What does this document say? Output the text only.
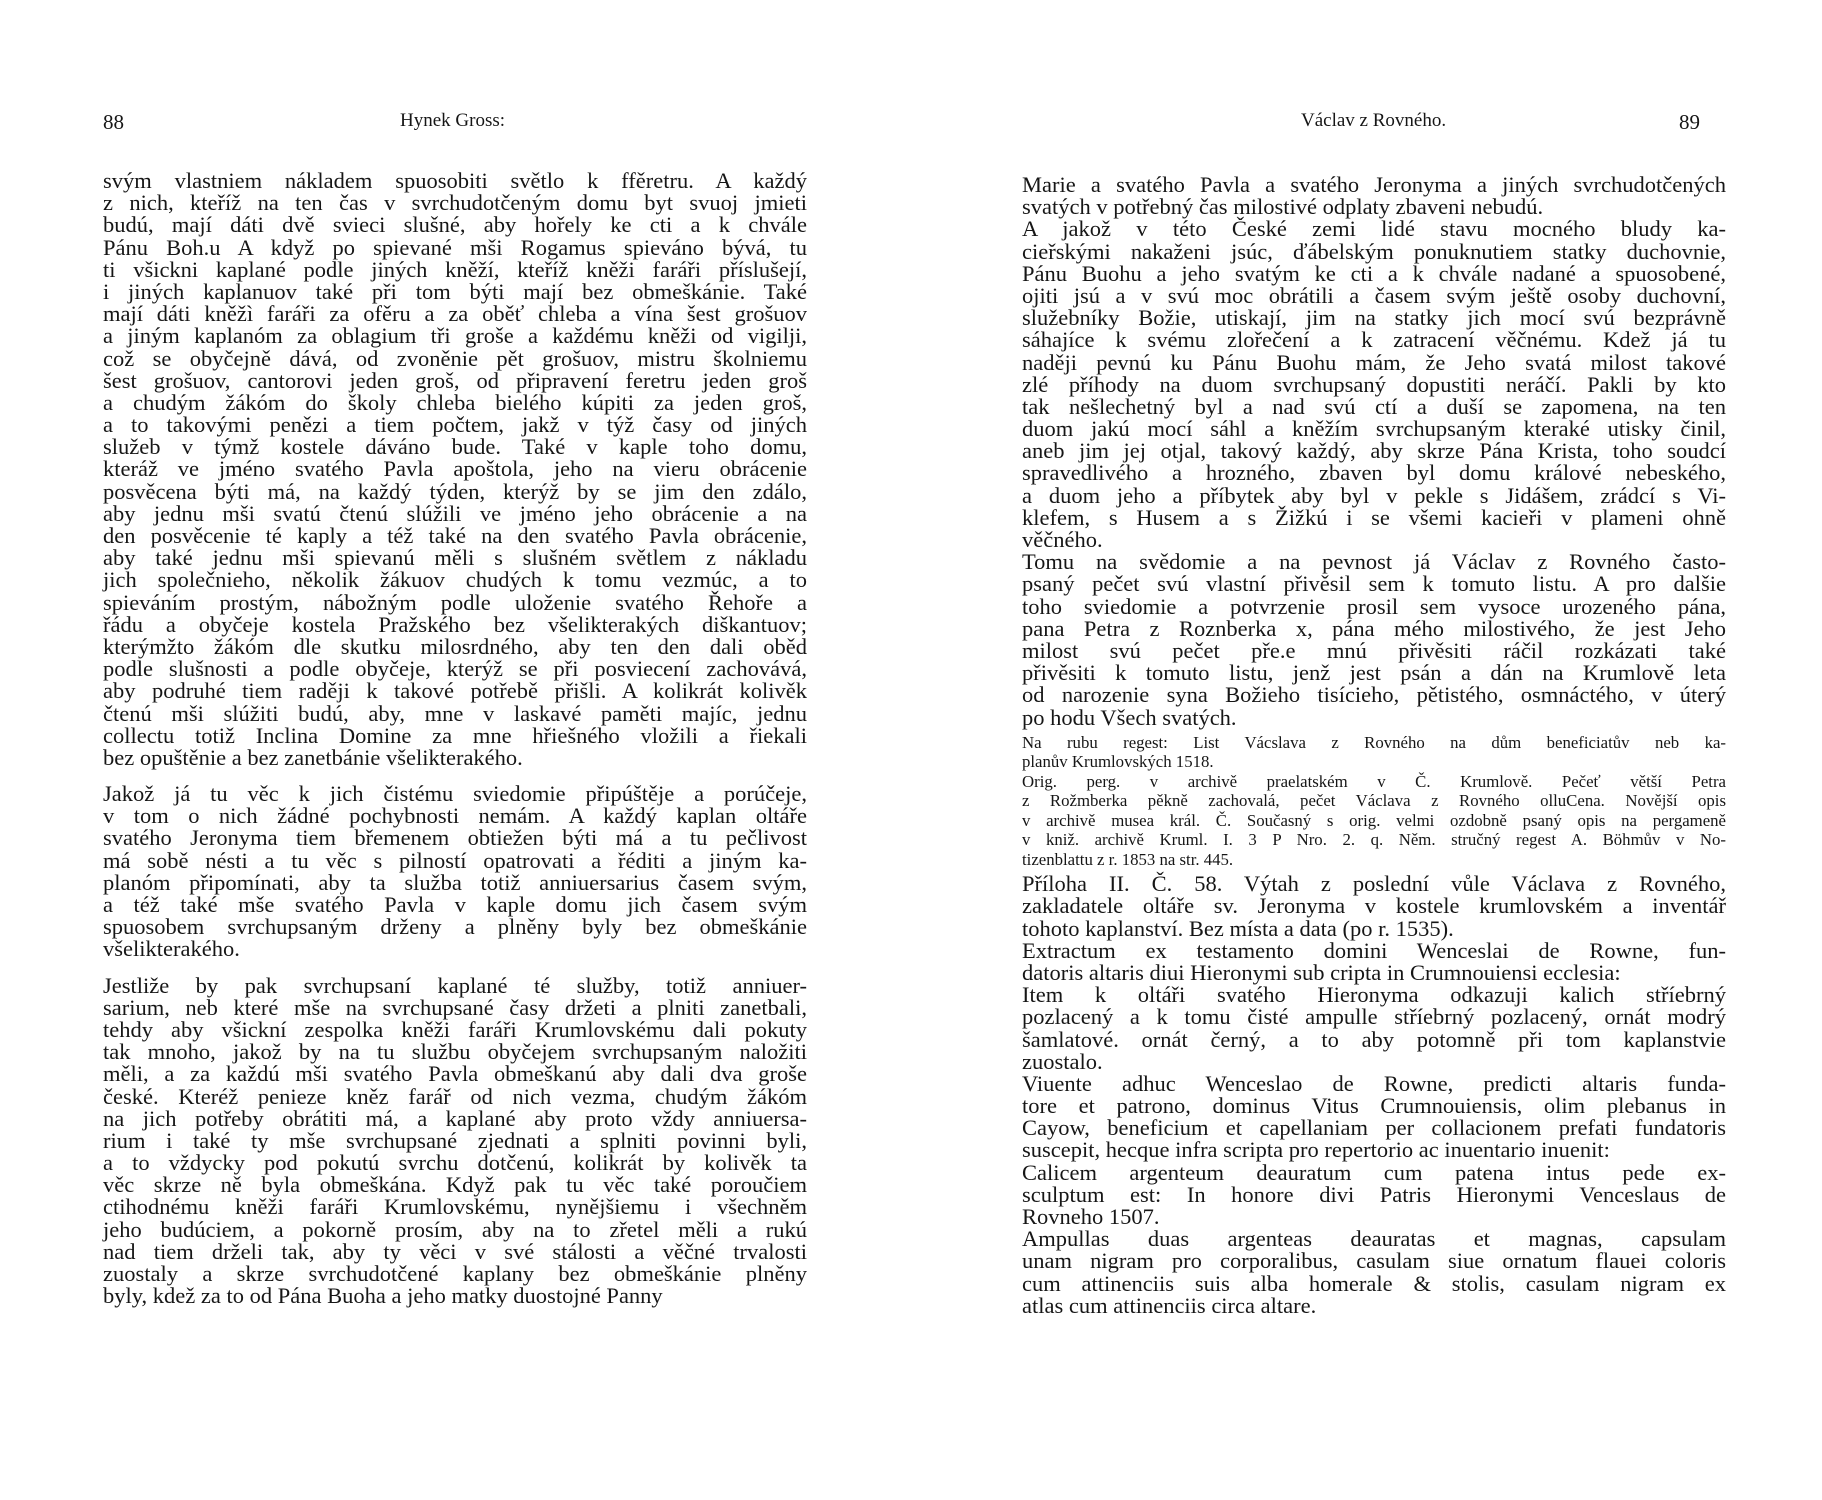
88	Hynek Gross:
svým vlastniem nákladem spuosobiti světlo k ffěretru. A každý
z nich, kteříž na ten čas v svrchudotčeným domu byt svuoj jmieti
budú, mají dáti dvě svieci slušné, aby hořely ke cti a k chvále
Pánu Boh.u A když po spievané mši Rogamus spieváno bývá, tu
ti všickni kaplané podle jiných kněží, kteříž kněži faráři příslušejí,
i jiných kaplanuov také při tom býti mají bez obmeškánie. Také
mají dáti kněžì faráři za ofěru a za oběť chleba a vína šest grošuov
a jiným kaplanóm za oblagium tři groše a každému kněži od vigilji,
což se obyčejně dává, od zvoněnie pět grošuov, mistru školniemu
šest grošuov, cantorovi jeden groš, od připravení feretru jeden groš
a chudým žákóm do školy chleba bieléhо kúpiti za jeden groš,
a to takovými penězi a tiem počtem, jakž v týž časy od jiných
služeb v týmž kostele dáváno bude. Také v kaple toho domu,
kteráž ve jméno svatého Pavla apoštola, jeho na vieru obrácenie
posvěcena býti má, na každý týden, kterýž by se jim den zdálo,
aby jednu mši svatú čtenú slúžili ve jméno jeho obrácenie a na
den posvěcenie té kaply a též také na den svatého Pavla obrácenie,
aby také jednu mši spievanú měli s slušném světlem z nákladu
jich společnieho, několik žákuov chudých k tomu vezmúc, a to
spieváním prostým, nábožným podle uloženie svatého Řehoře a
řádu a obyčeje kostela Pražského bez všelikterakých diškantuov;
kterýmžto žákóm dle skutku milosrdného, aby ten den dali oběd
podle slušnosti a podle obyčeje, kterýž se při posviecení zachovává,
aby podruhé tiem raději k takové potřebě přišli. A kolikrát kolivěk
čtenú mši slúžiti budú, aby, mne v laskavé paměti majíc, jednu
collectu totiž Inclina Domine za mne hřiešného vložili a řiekali
bez opuštěnie a bez zanetbánie všelikterakého.
Jakož já tu věc k jich čistému sviedomie připúštěje a porúčeje,
v tom o nich žádné pochybnosti nemám. A každý kaplan oltáře
svatého Jeronyma tiem břemenem obtiežen býti má a tu pečlivost
má sobě nésti a tu věc s pilností opatrovati a řéditi a jiným ka-
planóm připomínati, aby ta služba totiž anniuersarius časem svým,
a též také mše svatého Pavla v kaple domu jich časem svým
spuosobem svrchupsaným drženy a plněny byly bez obmeškánie
všelikterakého.
Jestliže by pak svrchupsaní kaplané té služby, totiž anniuer-
sarium, neb které mše na svrchupsané časy držeti a plniti zanetbali,
tehdy aby všickní zespolka kněži faráři Krumlovskému dali pokuty
tak mnoho, jakož by na tu službu obyčejem svrchupsaným naložiti
měli, a za každú mši svatého Pavla obmeškanú aby dali dva groše
české. Kteréž penieze kněz farář od nich vezma, chudým žákóm
na jich potřeby obrátiti má, a kaplané aby proto vždy anniuersa-
rium i také ty mše svrchupsané zjednati a splniti povinni byli,
a to vždycky pod pokutú svrchu dotčenú, kolikrát by kolivěk ta
věc skrze ně byla obmeškána. Když pak tu věc také poroučiem
ctihodnému kněži faráři Krumlovskému, nynějšiemu i všechněm
jeho budúciem, a pokorně prosím, aby na to zřetel měli a rukú
nad tiem drželi tak, aby ty věci v své stálosti a věčné trvalosti
zuostaly a skrze svrchudotčené kaplany bez obmeškánie plněny
byly, kdež za to od Pána Buoha a jeho matky duostojné Panny
Václav z Rovného.	89
Marie a svatého Pavla a svatého Jeronyma a jiných svrchudotčených
svatých v potřebný čas milostivé odplaty zbaveni nebudú.
A jakož v této České zemi lidé stavu mocného bludy ka-
cieřskými nakaženi jsúc, ďábelským ponuknutiem statky duchovnie,
Pánu Buohu a jeho svatým ke cti a k chvále nadané a spuosobené,
ojiti jsú a v svú moc obrátili a časem svým ještě osoby duchovní,
služebníky Božie, utiskají, jim na statky jich mocí svú bezprávně
sáhajíce k svému zlořečení a k zatracení věčnému. Kdež já tu
naději pevnú ku Pánu Buohu mám, že Jeho svatá milost takové
zlé příhody na duom svrchupsaný dopustiti neráčí. Pakli by kto
tak nešlechetný byl a nad svú ctí a duší se zapomena, na ten
duom jakú mocí sáhl a kněžím svrchupsaným kteraké utisky činil,
aneb jim jej otjal, takový každý, aby skrze Pána Krista, toho soudcí
spravedlivého a hrozného, zbaven byl domu králové nebeského,
a duom jeho a příbytek aby byl v pekle s Jidášem, zrádcí s Vi-
klefem, s Husem a s Žižkú i se všemi kacieři v plameni ohně
věčného.
Tomu na svědomie a na pevnost já Václav z Rovného často-
psaný pečet svú vlastní přivěsil sem k tomuto listu. A pro dalšie
toho sviedomie a potvrzenie prosil sem vysoce urozeného pána,
pana Petra z Roznberka x, pána mého milostivého, že jest Jeho
milost svú pečet pře.e mnú přivěsiti ráčil rozkázati také
přivěsiti k tomuto listu, jenž jest psán a dán na Krumlově leta
od narozenie syna Božieho tisícieho, pětistého, osmnáctého, v úterý
po hodu Všech svatých.
Na rubu regest: List Vácslava z Rovného na dům beneficiatův neb ka-
planův Krumlovských 1518.
Orig. perg. v archivě praelatském v Č. Krumlově. Pečeť větší Petra
z Rožmberka pěkně zachovalá, pečet Václava z Rovného olluCena. Novější opis
v archivě musea král. Č. Současný s orig. velmi ozdobně psaný opis na pergameně
v kniž. archivě Kruml. I. 3 P Nro. 2. q. Něm. stručný regest A. Böhmův v No-
tizenblattu z r. 1853 na str. 445.
Příloha II. Č. 58. Výtah z poslední vůle Václava z Rovného,
zakladatele oltáře sv. Jeronyma v kostele krumlovském a inventář
tohoto kaplanství. Bez místa a data (po r. 1535).
Extractum ex testamento domini Wenceslai de Rowne, fun-
datoris altaris diui Hieronymi sub cripta in Crumnouiensi ecclesia:
Item k oltáři svatého Hieronyma odkazuji kalich stříebrný
pozlacený a k tomu čisté ampulle stříebrný pozlacený, ornát modrý
šamlatové. ornát černý, a to aby potomně při tom kaplanstvie
zuostalo.
Viuente adhuc Wenceslao de Rowne, predicti altaris funda-
tore et patrono, dominus Vitus Crumnouiensis, olim plebanus in
Cayow, beneficium et capellaniam per collacionem prefati fundatoris
suscepit, hecque infra scripta pro repertorio ac inuentario inuenit:
Calicem argenteum deauratum cum patena intus pede ex-
sculptum est: In honore divi Patris Hieronymi Venceslaus de
Rovneho 1507.
Ampullas duas argenteas deauratas et magnas, capsulam
unam nigram pro corporalibus, casulam siue ornatum flauei coloris
cum attinenciis suis alba homerale & stolis, casulam nigram ex
atlas cum attinenciis circa altare.
